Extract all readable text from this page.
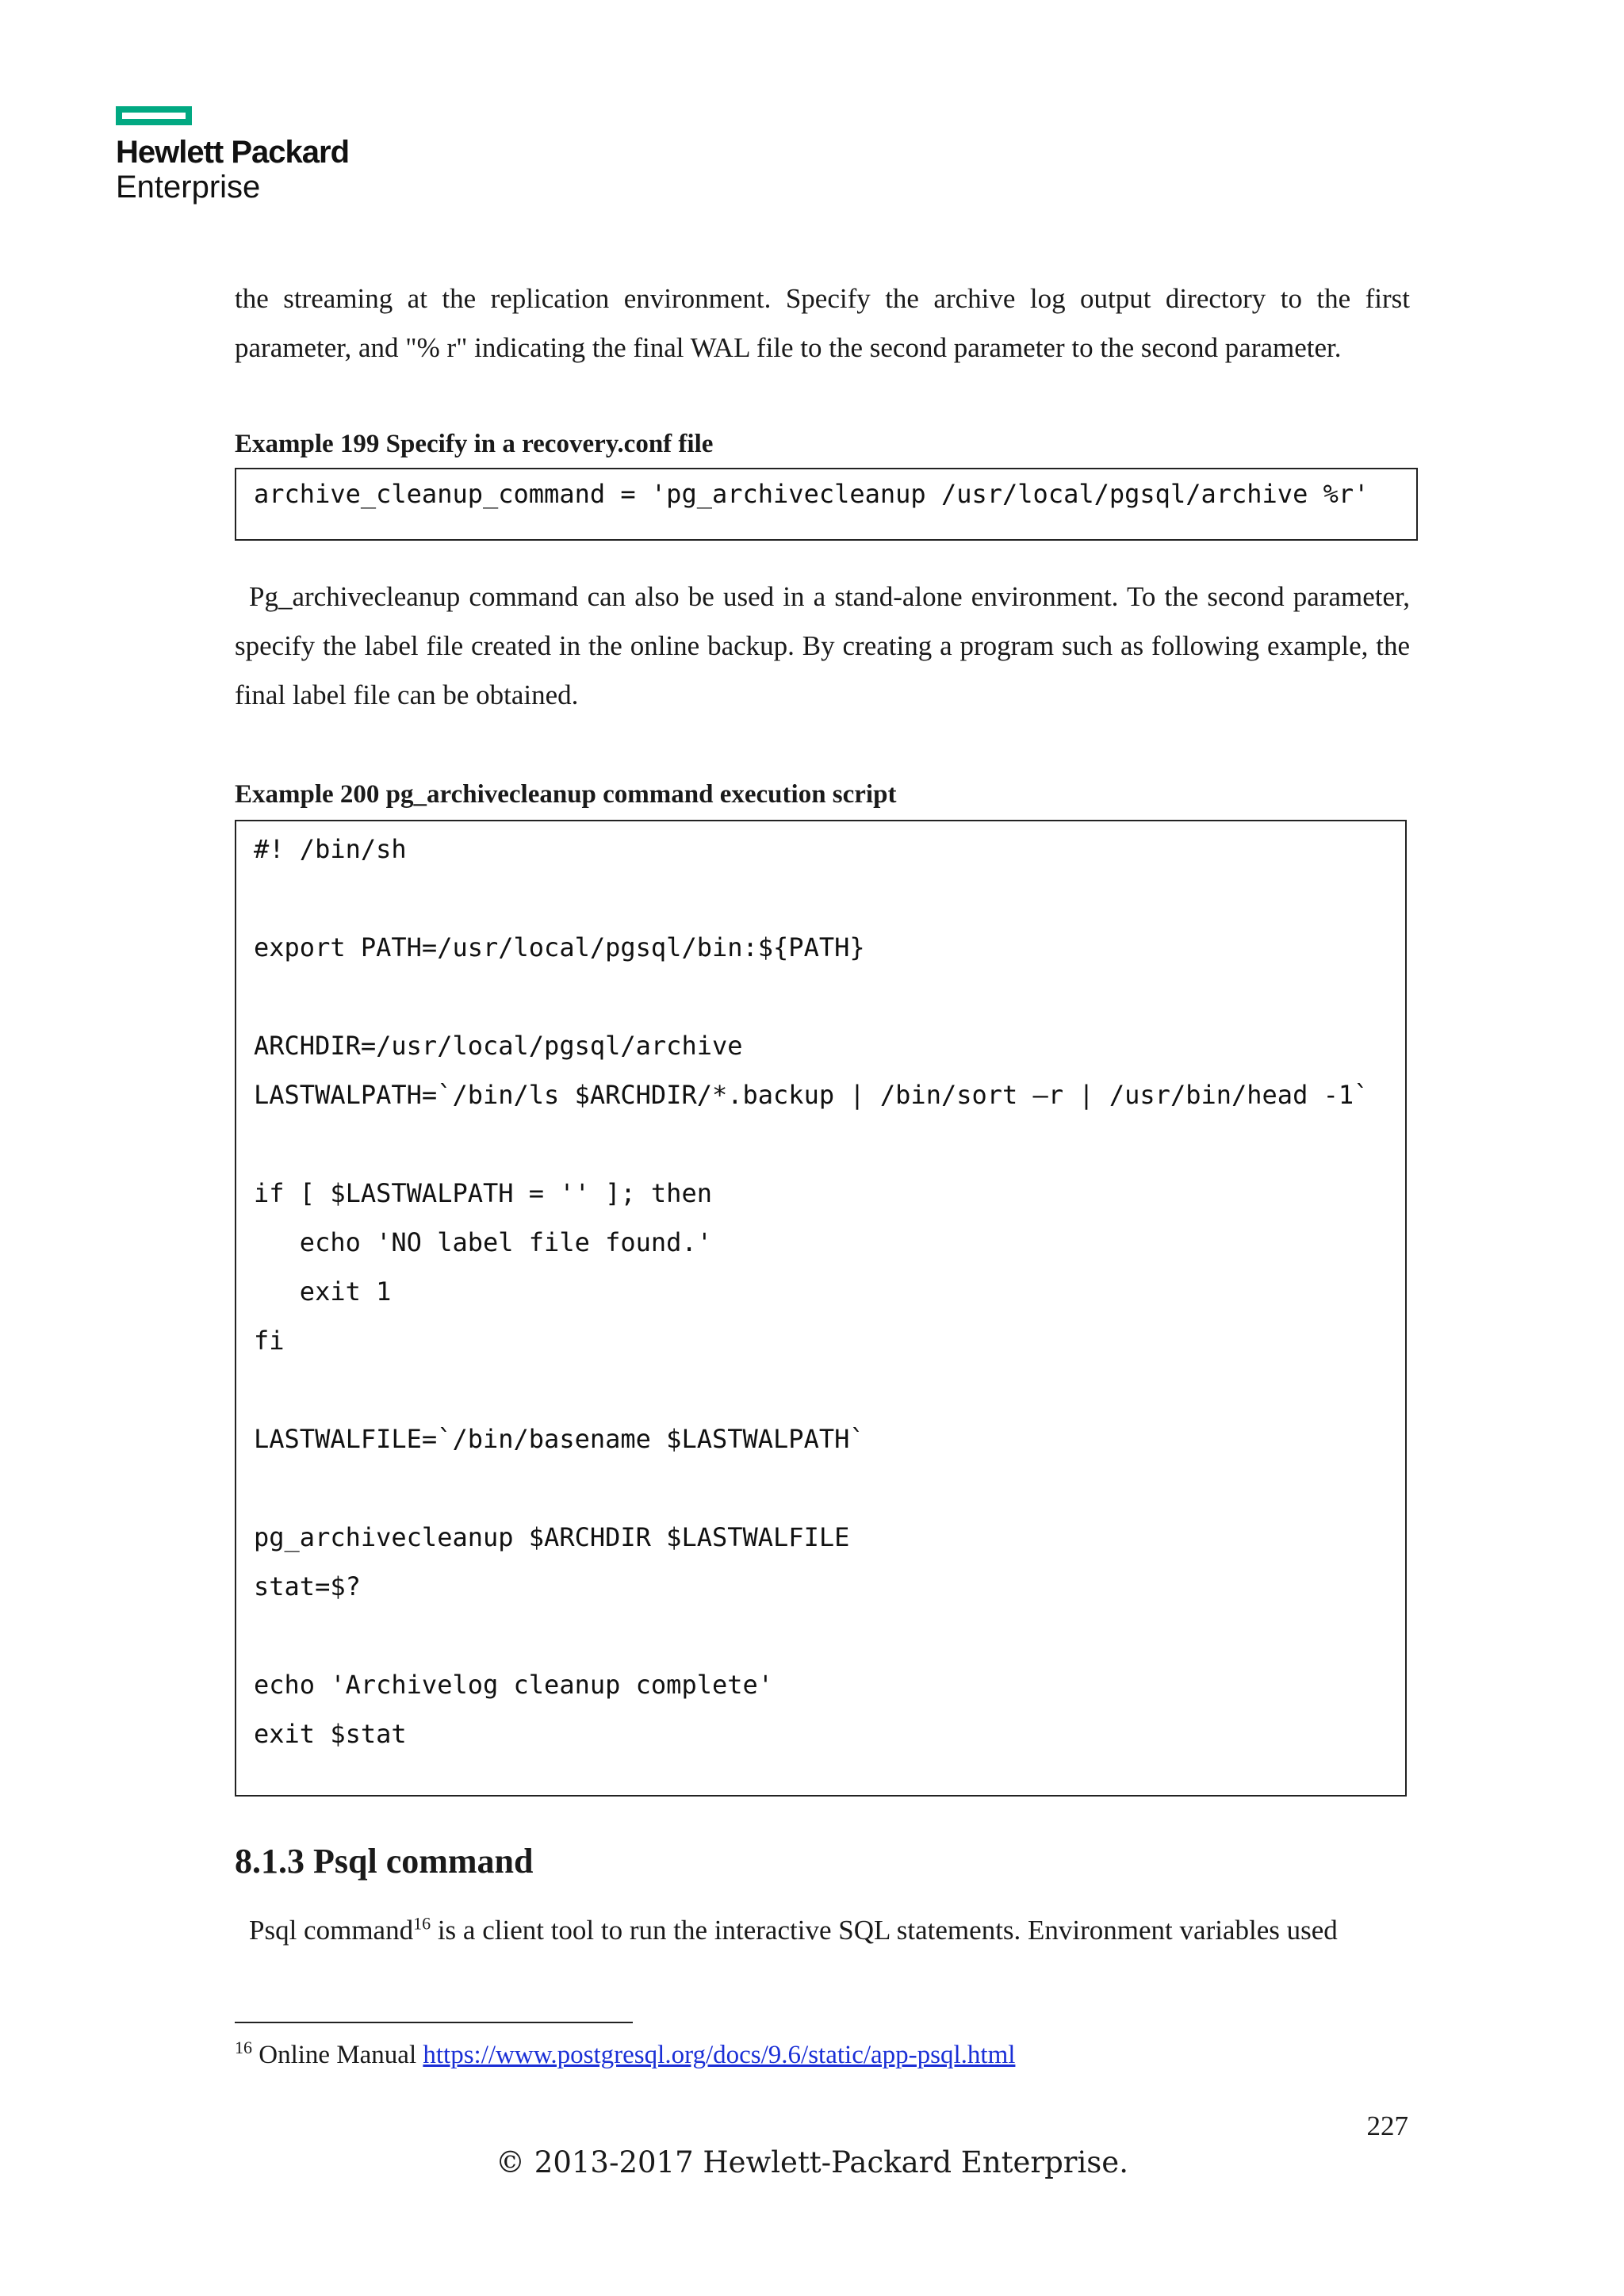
Hewlett Packard
Enterprise

the streaming at the replication environment. Specify the archive log output directory to the first parameter, and "% r" indicating the final WAL file to the second parameter to the second parameter.

Example 199 Specify in a recovery.conf file
archive_cleanup_command = 'pg_archivecleanup /usr/local/pgsql/archive %r'

Pg_archivecleanup command can also be used in a stand-alone environment. To the second parameter, specify the label file created in the online backup. By creating a program such as following example, the final label file can be obtained.

Example 200 pg_archivecleanup command execution script
#! /bin/sh

export PATH=/usr/local/pgsql/bin:${PATH}

ARCHDIR=/usr/local/pgsql/archive
LASTWALPATH=`/bin/ls $ARCHDIR/*.backup | /bin/sort –r | /usr/bin/head -1`

if [ $LASTWALPATH = '' ]; then
echo 'NO label file found.'
exit 1
fi

LASTWALFILE=`/bin/basename $LASTWALPATH`

pg_archivecleanup $ARCHDIR $LASTWALFILE
stat=$?

echo 'Archivelog cleanup complete'
exit $stat
8.1.3 Psql command

Psql command$^{16}$ is a client tool to run the interactive SQL statements. Environment variables used

$^{16}$ Online Manual https://www.postgresql.org/docs/9.6/static/app-psql.html
227
© 2013-2017 Hewlett-Packard Enterprise.
